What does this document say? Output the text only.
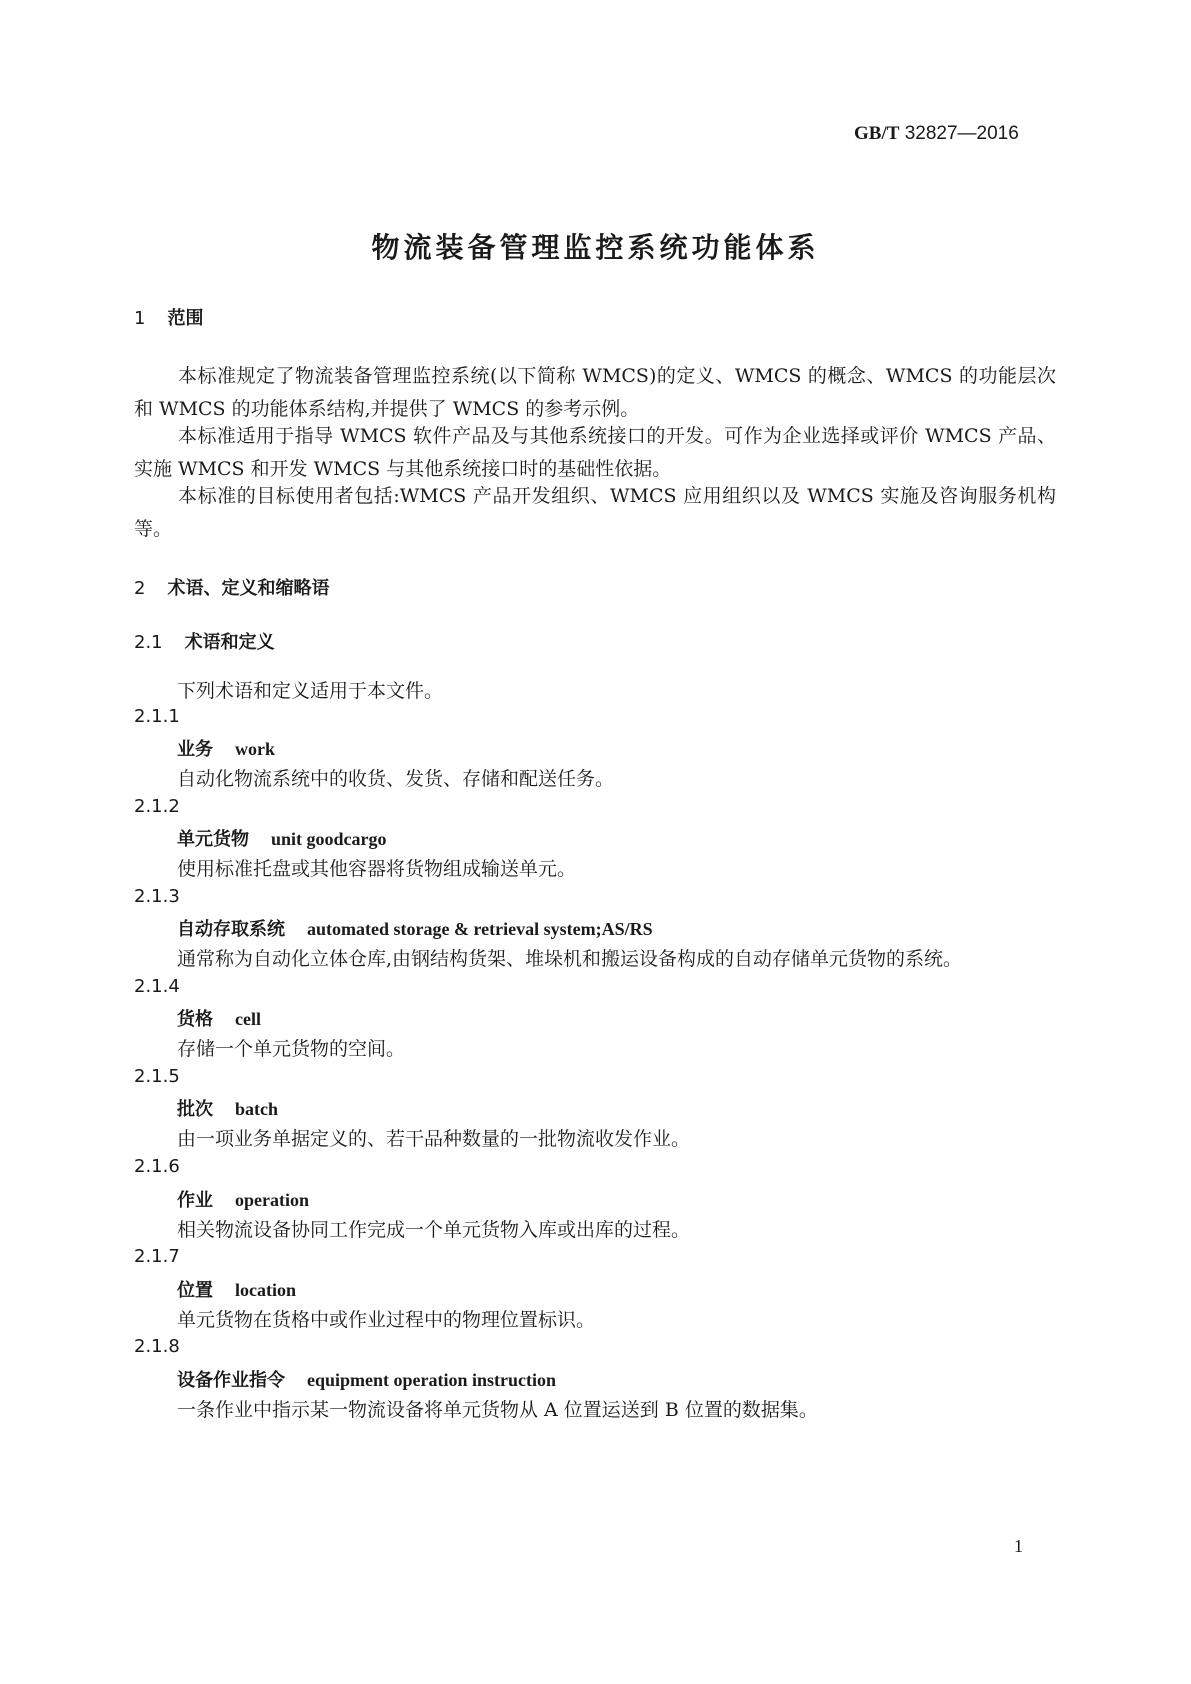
GB/T 32827—2016
物流装备管理监控系统功能体系
1 范围
本标准规定了物流装备管理监控系统(以下简称 WMCS)的定义、WMCS 的概念、WMCS 的功能层次和 WMCS 的功能体系结构,并提供了 WMCS 的参考示例。
本标准适用于指导 WMCS 软件产品及与其他系统接口的开发。可作为企业选择或评价 WMCS 产品、实施 WMCS 和开发 WMCS 与其他系统接口时的基础性依据。
本标准的目标使用者包括:WMCS 产品开发组织、WMCS 应用组织以及 WMCS 实施及咨询服务机构等。
2 术语、定义和缩略语
2.1 术语和定义
下列术语和定义适用于本文件。
2.1.1
业务 work
自动化物流系统中的收货、发货、存储和配送任务。
2.1.2
单元货物 unit goodcargo
使用标准托盘或其他容器将货物组成输送单元。
2.1.3
自动存取系统 automated storage & retrieval system;AS/RS
通常称为自动化立体仓库,由钢结构货架、堆垛机和搬运设备构成的自动存储单元货物的系统。
2.1.4
货格 cell
存储一个单元货物的空间。
2.1.5
批次 batch
由一项业务单据定义的、若干品种数量的一批物流收发作业。
2.1.6
作业 operation
相关物流设备协同工作完成一个单元货物入库或出库的过程。
2.1.7
位置 location
单元货物在货格中或作业过程中的物理位置标识。
2.1.8
设备作业指令 equipment operation instruction
一条作业中指示某一物流设备将单元货物从 A 位置运送到 B 位置的数据集。
1
